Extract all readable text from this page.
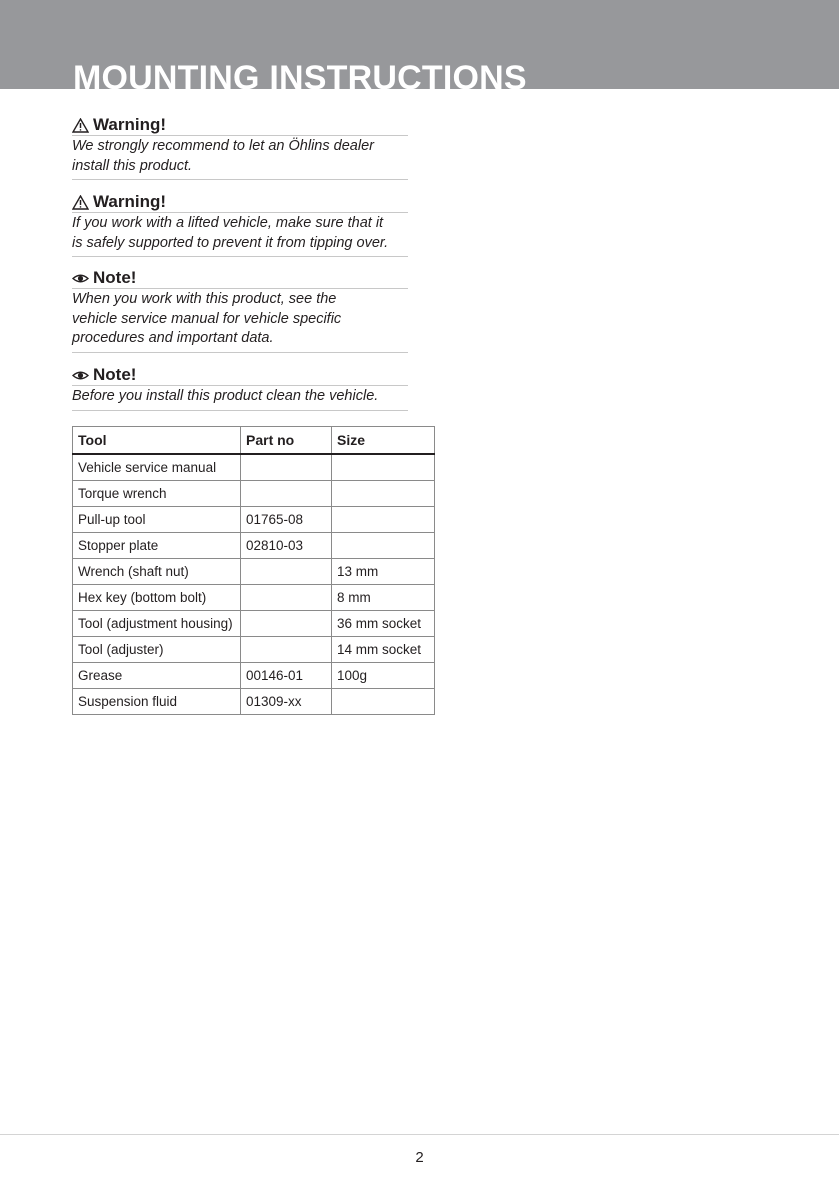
MOUNTING INSTRUCTIONS
Warning!
We strongly recommend to let an Öhlins dealer
install this product.
Warning!
If you work with a lifted vehicle, make sure that it
is safely supported to prevent it from tipping over.
Note!
When you work with this product, see the
vehicle service manual for vehicle specific
procedures and important data.
Note!
Before you install this product clean the vehicle.
Tool	Part no	Size
Vehicle service manual		
Torque wrench		
Pull-up tool	01765-08	
Stopper plate	02810-03	
Wrench (shaft nut)		13 mm
Hex key (bottom bolt)		8 mm
Tool (adjustment housing)		36 mm socket
Tool (adjuster)		14 mm socket
Grease	00146-01	100g
Suspension fluid	01309-xx	
2
